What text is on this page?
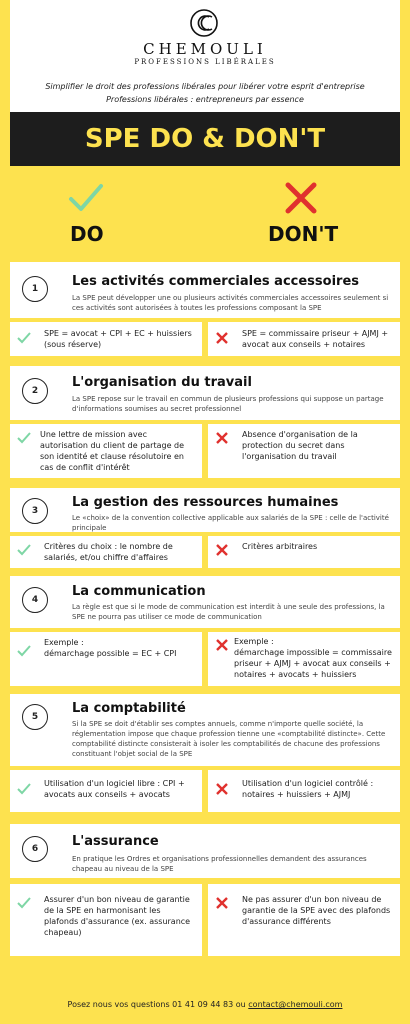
CHEMOULI
PROFESSIONS LIBÉRALES
Simplifier le droit des professions libérales pour libérer votre esprit d'entreprise
Professions libérales : entrepreneurs par essence
SPE DO & DON'T
DO	DON'T
1	Les activités commerciales accessoires
La SPE peut développer une ou plusieurs activités commerciales accessoires seulement si ces activités sont autorisées à toutes les professions composant la SPE
SPE = avocat + CPI + EC + huissiers (sous réserve)
SPE = commissaire priseur + AJMJ + avocat aux conseils + notaires
2
L'organisation du travail
La SPE repose sur le travail en commun de plusieurs professions qui suppose un partage d'informations soumises au secret professionnel
Une lettre de mission avec autorisation du client de partage de son identité et clause résolutoire en cas de conflit d'intérêt
Absence d'organisation de la protection du secret dans l'organisation du travail
3
La gestion des ressources humaines
Le «choix» de la convention collective applicable aux salariés de la SPE : celle de l'activité principale
Critères du choix : le nombre de salariés, et/ou chiffre d'affaires
Critères arbitraires
4
La communication
La règle est que si le mode de communication est interdit à une seule des professions, la SPE ne pourra pas utiliser ce mode de communication
Exemple :
démarchage possible = EC + CPI
Exemple :
démarchage impossible = commissaire priseur + AJMJ + avocat aux conseils + notaires + avocats + huissiers
5
La comptabilité
Si la SPE se doit d'établir ses comptes annuels, comme n'importe quelle société, la réglementation impose que chaque profession tienne une «comptabilité distincte». Cette comptabilité distincte consisterait à isoler les comptabilités de chacune des professions constituant l'objet social de la SPE
Utilisation d'un logiciel libre : CPI + avocats aux conseils + avocats
Utilisation d'un logiciel contrôlé : notaires + huissiers + AJMJ
6	L'assurance
En pratique les Ordres et organisations professionnelles demandent des assurances chapeau au niveau de la SPE
Assurer d'un bon niveau de garantie de la SPE en harmonisant les plafonds d'assurance (ex. assurance chapeau)
Ne pas assurer d'un bon niveau de garantie de la SPE avec des plafonds d'assurance différents
Posez nous vos questions 01 41 09 44 83 ou contact@chemouli.com
